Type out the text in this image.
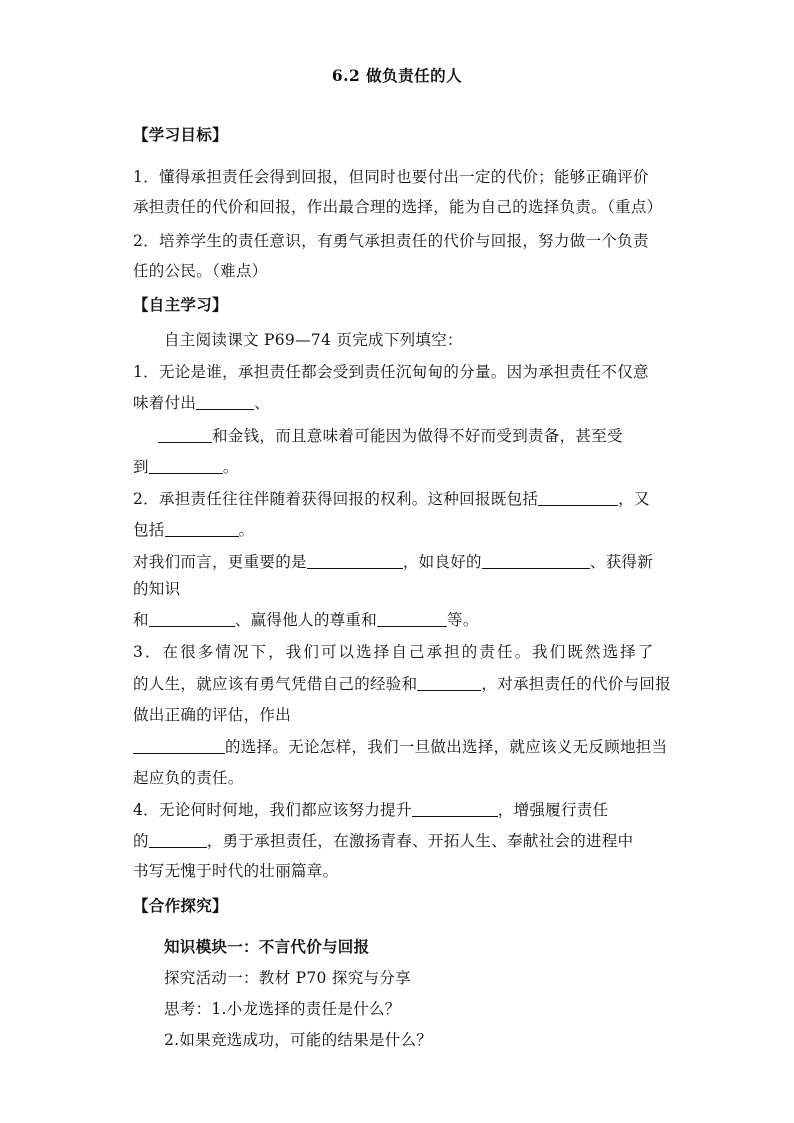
6.2 做负责任的人
【学习目标】
1．懂得承担责任会得到回报，但同时也要付出一定的代价；能够正确评价
承担责任的代价和回报，作出最合理的选择，能为自己的选择负责。（重点）
2．培养学生的责任意识，有勇气承担责任的代价与回报，努力做一个负责
任的公民。（难点）
【自主学习】
自主阅读课文 P69—74 页完成下列填空：
1．无论是谁，承担责任都会受到责任沉甸甸的分量。因为承担责任不仅意
味着付出	、
和金钱，而且意味着可能因为做得不好而受到责备，甚至受
到	。
2．承担责任往往伴随着获得回报的权利。这种回报既包括	，又
包括	。
对我们而言，更重要的是	，如良好的	、获得新
的知识
和	、赢得他人的尊重和	等。
3．在很多情况下，我们可以选择自己承担的责任。我们既然选择了
的人生，就应该有勇气凭借自己的经验和	，对承担责任的代价与回报
做出正确的评估，作出
的选择。无论怎样，我们一旦做出选择，就应该义无反顾地担当
起应负的责任。
4．无论何时何地，我们都应该努力提升	，增强履行责任
的	，勇于承担责任，在激扬青春、开拓人生、奉献社会的进程中
书写无愧于时代的壮丽篇章。
【合作探究】
知识模块一：不言代价与回报
探究活动一：教材 P70 探究与分享
思考：1.小龙选择的责任是什么？
2.如果竞选成功，可能的结果是什么？
